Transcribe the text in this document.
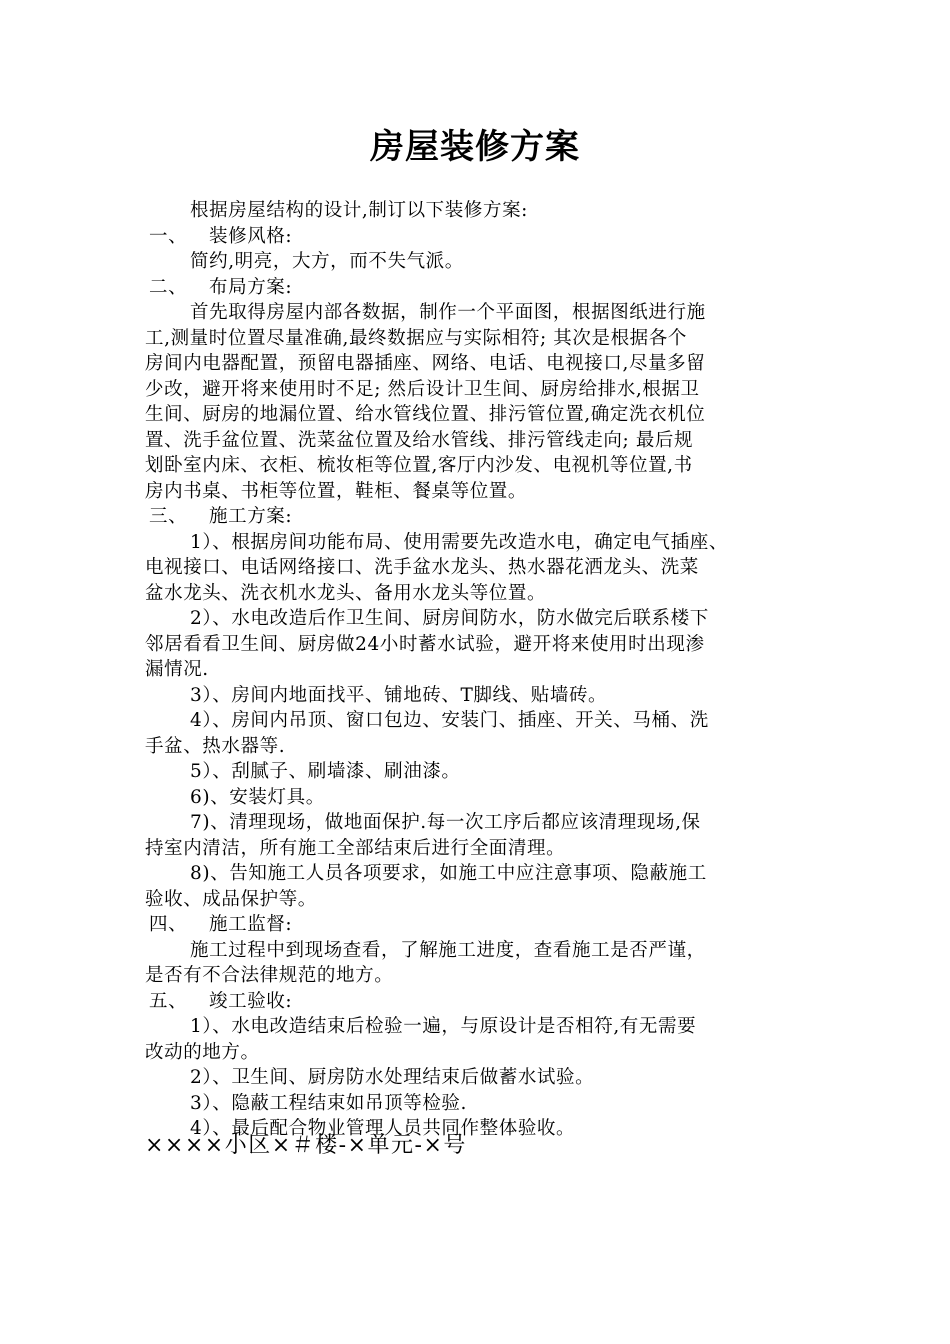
房屋装修方案
根据房屋结构的设计,制订以下装修方案:
一、 装修风格:
简约,明亮，大方，而不失气派。
二、 布局方案:
首先取得房屋内部各数据，制作一个平面图，根据图纸进行施
工,测量时位置尽量准确,最终数据应与实际相符; 其次是根据各个
房间内电器配置，预留电器插座、网络、电话、电视接口,尽量多留
少改，避开将来使用时不足; 然后设计卫生间、厨房给排水,根据卫
生间、厨房的地漏位置、给水管线位置、排污管位置,确定洗衣机位
置、洗手盆位置、洗菜盆位置及给水管线、排污管线走向; 最后规
划卧室内床、衣柜、梳妆柜等位置,客厅内沙发、电视机等位置,书
房内书桌、书柜等位置，鞋柜、餐桌等位置。
三、 施工方案:
1）、根据房间功能布局、使用需要先改造水电，确定电气插座、
电视接口、电话网络接口、洗手盆水龙头、热水器花洒龙头、洗菜
盆水龙头、洗衣机水龙头、备用水龙头等位置。
2）、水电改造后作卫生间、厨房间防水，防水做完后联系楼下
邻居看看卫生间、厨房做24小时蓄水试验，避开将来使用时出现渗
漏情况.
3）、房间内地面找平、铺地砖、T脚线、贴墙砖。
4）、房间内吊顶、窗口包边、安装门、插座、开关、马桶、洗
手盆、热水器等.
5）、刮腻子、刷墙漆、刷油漆。
6)、安装灯具。
7)、清理现场，做地面保护.每一次工序后都应该清理现场,保
持室内清洁，所有施工全部结束后进行全面清理。
8)、告知施工人员各项要求，如施工中应注意事项、隐蔽施工
验收、成品保护等。
四、 施工监督:
施工过程中到现场查看，了解施工进度，查看施工是否严谨，
是否有不合法律规范的地方。
五、 竣工验收:
1）、水电改造结束后检验一遍，与原设计是否相符,有无需要
改动的地方。
2）、卫生间、厨房防水处理结束后做蓄水试验。
3）、隐蔽工程结束如吊顶等检验.
4）、最后配合物业管理人员共同作整体验收。
××××小区×＃楼-×单元-×号
